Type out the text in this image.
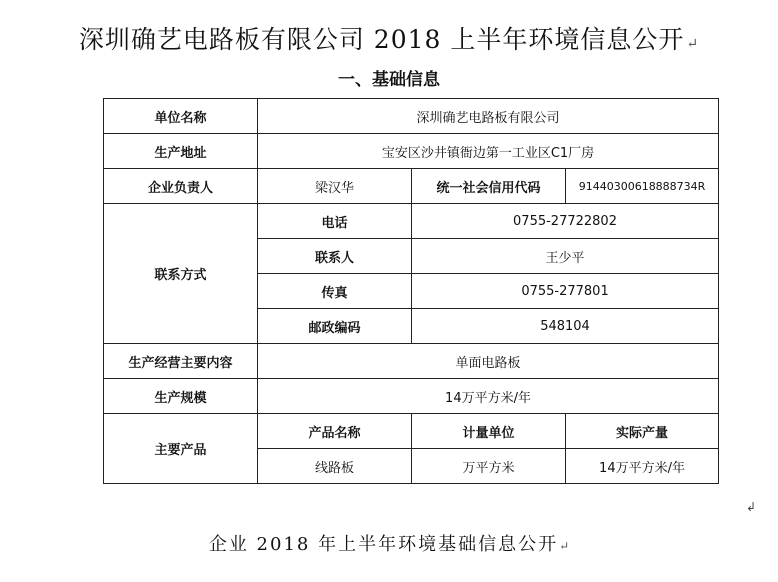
深圳确艺电路板有限公司 2018 上半年环境信息公开 ↵
一、基础信息
单位名称	深圳确艺电路板有限公司		
生产地址	宝安区沙井镇衙边第一工业区C1厂房		
企业负责人	梁汉华	统一社会信用代码	91440300618888734R
联系方式	电话	0755-27722802	
	联系人	王少平	
	传真	0755-277801	
	邮政编码	548104	
生产经营主要内容	单面电路板		
生产规模	14万平方米/年		
主要产品	产品名称	计量单位	实际产量
	线路板	万平方米	14万平方米/年
↲
企业 2018 年上半年环境基础信息公开↵
